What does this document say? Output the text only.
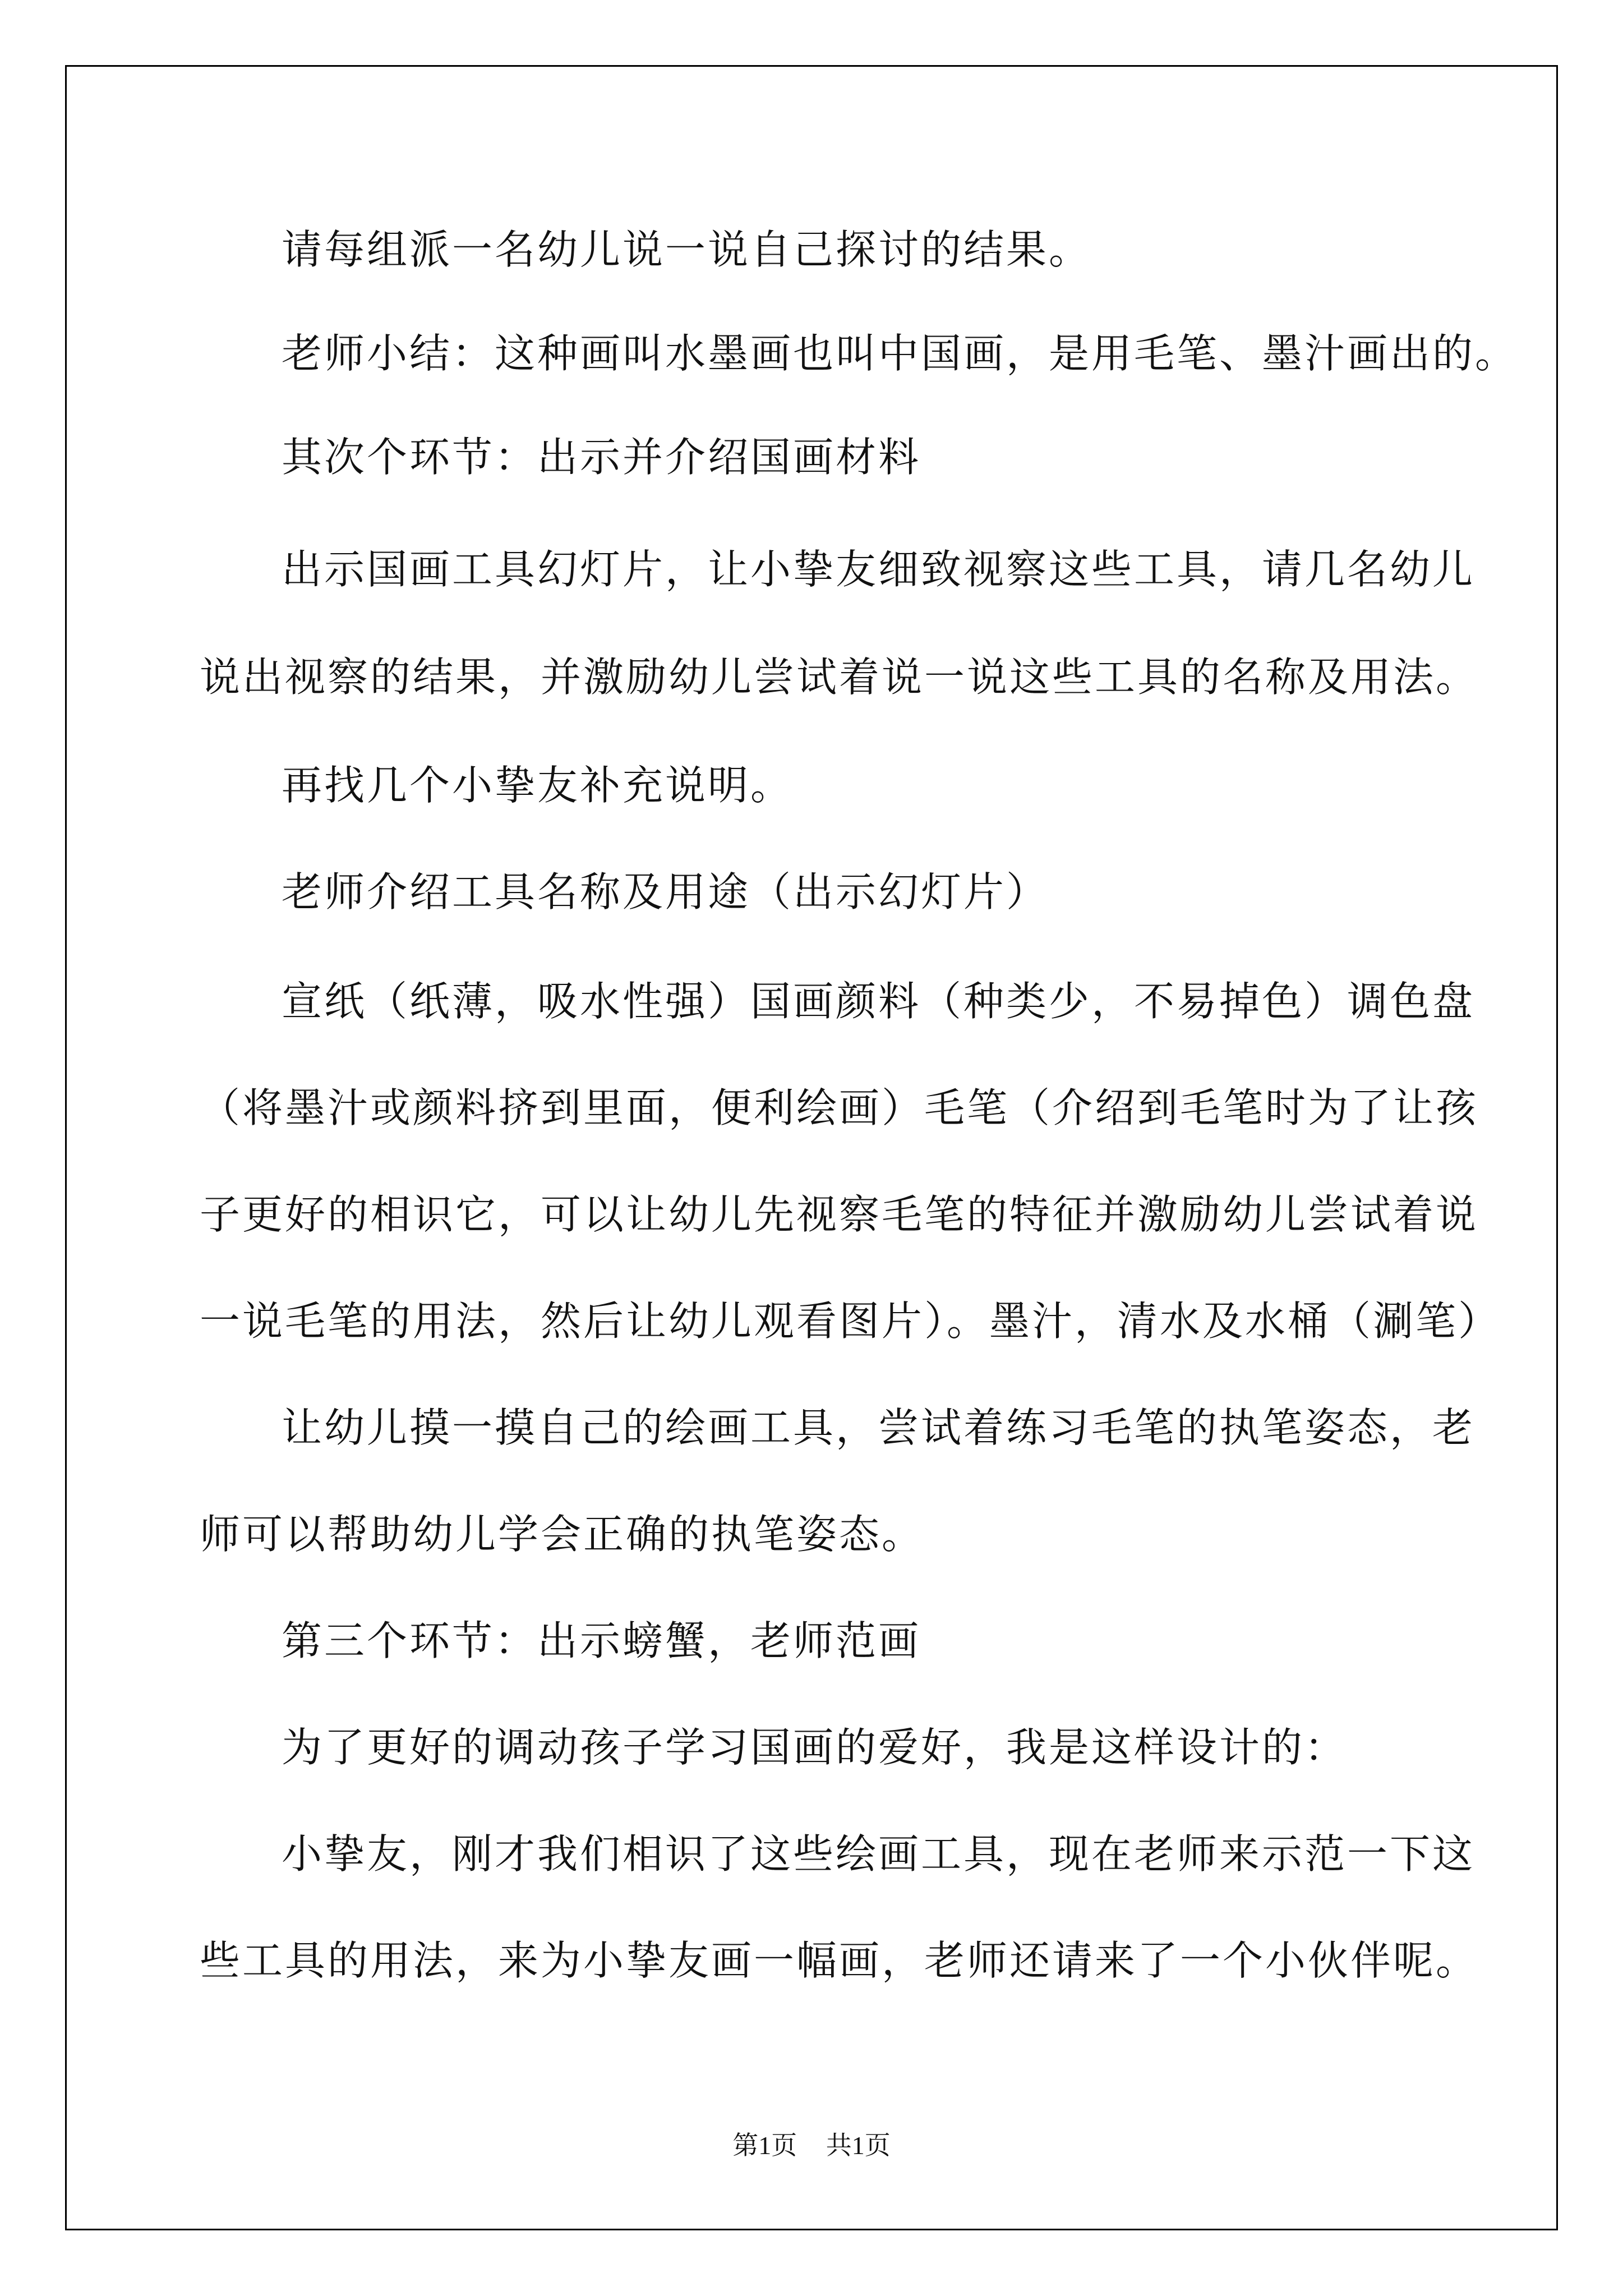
请每组派一名幼儿说一说自己探讨的结果。
老师小结：这种画叫水墨画也叫中国画，是用毛笔、墨汁画出的。
其次个环节：出示并介绍国画材料
出示国画工具幻灯片，让小挚友细致视察这些工具，请几名幼儿
说出视察的结果，并激励幼儿尝试着说一说这些工具的名称及用法。
再找几个小挚友补充说明。
老师介绍工具名称及用途（出示幻灯片）
宣纸（纸薄，吸水性强）国画颜料（种类少，不易掉色）调色盘
（将墨汁或颜料挤到里面，便利绘画）毛笔（介绍到毛笔时为了让孩
子更好的相识它，可以让幼儿先视察毛笔的特征并激励幼儿尝试着说
一说毛笔的用法，然后让幼儿观看图片）。墨汁，清水及水桶（涮笔）
让幼儿摸一摸自己的绘画工具，尝试着练习毛笔的执笔姿态，老
师可以帮助幼儿学会正确的执笔姿态。
第三个环节：出示螃蟹，老师范画
为了更好的调动孩子学习国画的爱好，我是这样设计的：
小挚友，刚才我们相识了这些绘画工具，现在老师来示范一下这
些工具的用法，来为小挚友画一幅画，老师还请来了一个小伙伴呢。
第1页 共1页
